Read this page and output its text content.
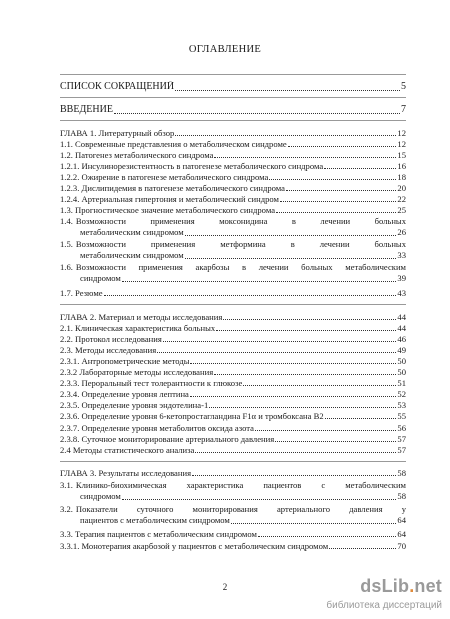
ОГЛАВЛЕНИЕ
СПИСОК СОКРАЩЕНИЙ	5
ВВЕДЕНИЕ	7
ГЛАВА 1. Литературный обзор	12
1.1. Современные представления о метаболическом синдроме	12
1.2. Патогенез метаболического синдрома	15
1.2.1. Инсулинорезистентность в патогенезе метаболического синдрома	16
1.2.2. Ожирение в патогенезе метаболического синдрома	18
1.2.3. Дислипидемия в патогенезе метаболического синдрома	20
1.2.4. Артериальная гипертония и метаболический синдром	22
1.3. Прогностическое значение метаболического синдрома	25
1.4. Возможности применения моксонидина в лечении больных
метаболическим синдромом	26
1.5. Возможности применения метформина в лечении больных
метаболическим синдромом	33
1.6. Возможности применения акарбозы в лечении больных метаболическим
синдромом	39
1.7. Резюме	43
ГЛАВА 2. Материал и методы исследования	44
2.1. Клиническая характеристика больных	44
2.2. Протокол исследования	46
2.3. Методы исследования	49
2.3.1. Антропометрические методы	50
2.3.2 Лабораторные методы исследования	50
2.3.3. Пероральный тест толерантности к глюкозе	51
2.3.4. Определение уровня лептина	52
2.3.5. Определение уровня эндотелина-1	53
2.3.6. Определение уровня 6-кетопростагландина F1α и тромбоксана B2	55
2.3.7. Определение уровня метаболитов оксида азота	56
2.3.8. Суточное мониторирование артериального давления	57
2.4 Методы статистического анализа	57
ГЛАВА 3. Результаты исследования	58
3.1. Клинико-биохимическая характеристика пациентов с метаболическим
синдромом	58
3.2. Показатели суточного мониторирования артериального давления у
пациентов с метаболическим синдромом	64
3.3. Терапия пациентов с метаболическим синдромом	64
3.3.1. Монотерапия акарбозой у пациентов с метаболическим синдромом	70
2	dsLib.net
библиотека диссертаций
